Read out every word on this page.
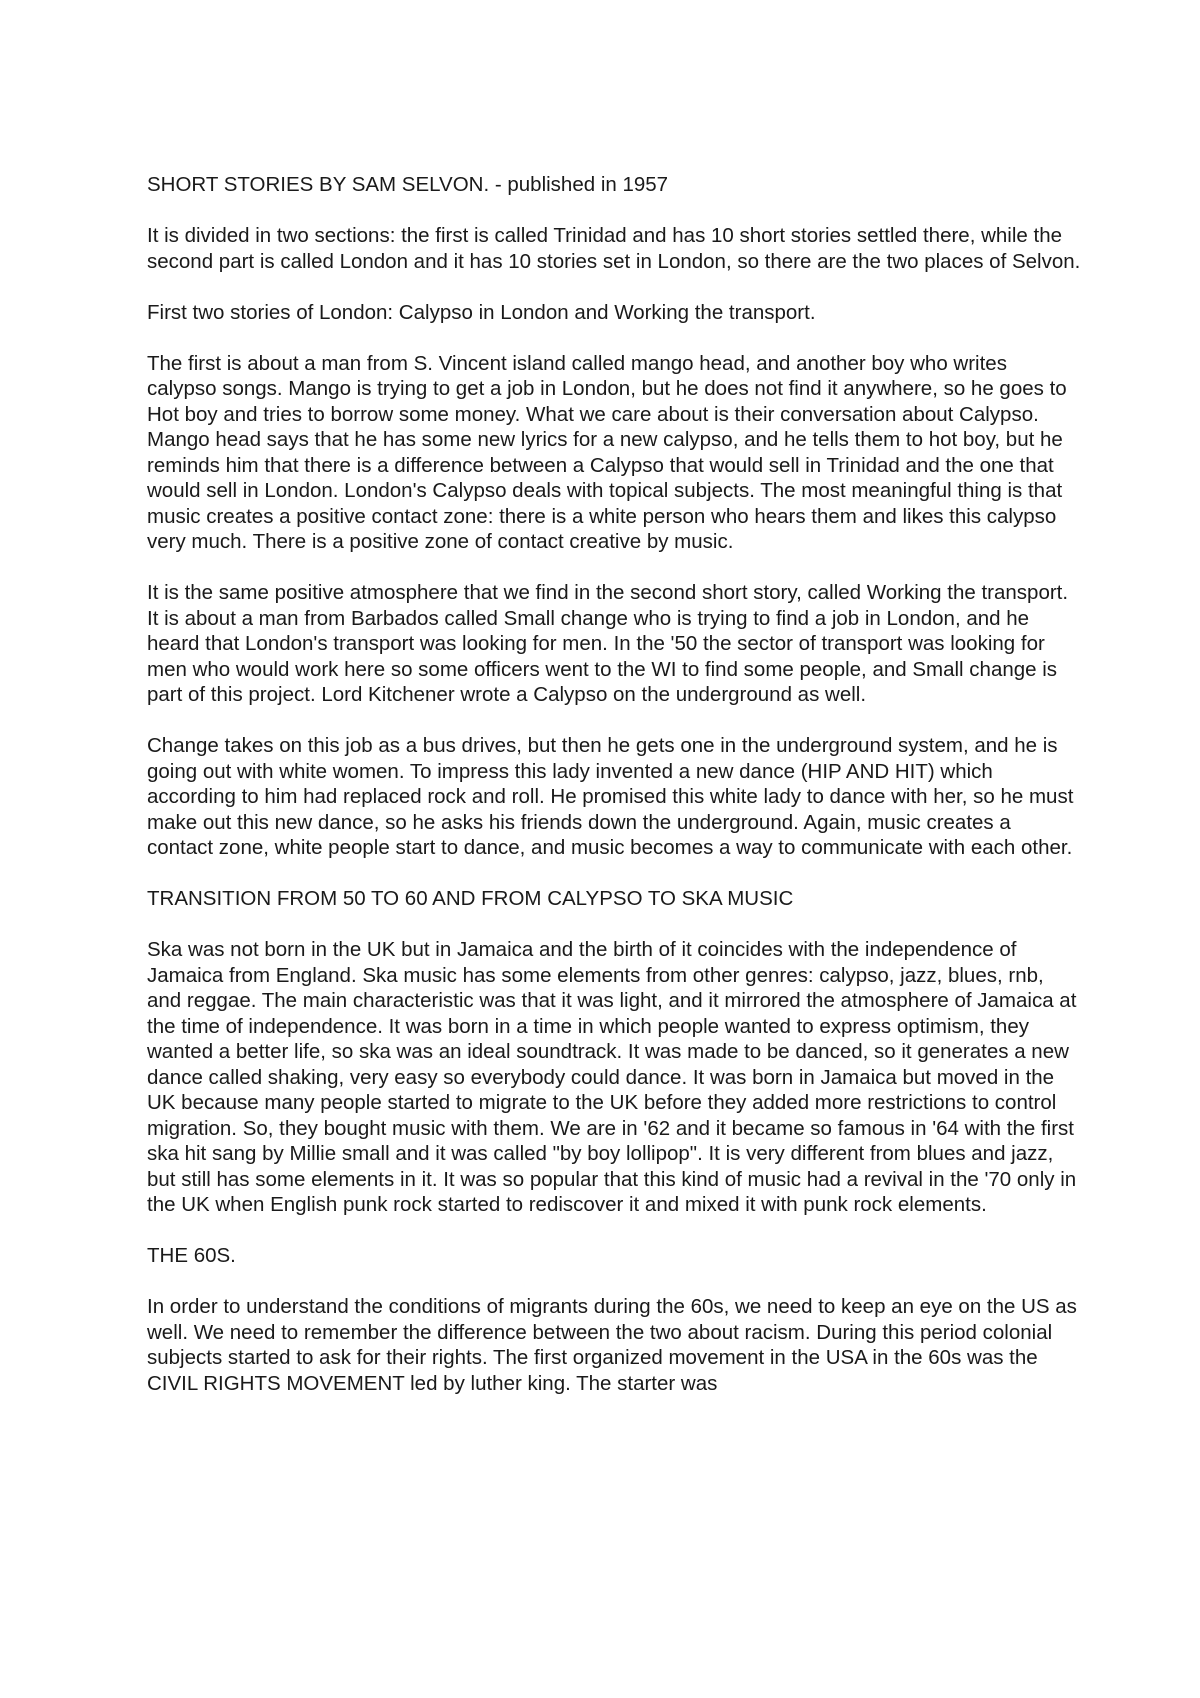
SHORT STORIES BY SAM SELVON. - published in 1957

It is divided in two sections: the first is called Trinidad and has 10 short stories settled there, while the second part is called London and it has 10 stories set in London, so there are the two places of Selvon.

First two stories of London: Calypso in London and Working the transport.

The first is about a man from S. Vincent island called mango head, and another boy who writes calypso songs. Mango is trying to get a job in London, but he does not find it anywhere, so he goes to Hot boy and tries to borrow some money. What we care about is their conversation about Calypso. Mango head says that he has some new lyrics for a new calypso, and he tells them to hot boy, but he reminds him that there is a difference between a Calypso that would sell in Trinidad and the one that would sell in London. London's Calypso deals with topical subjects. The most meaningful thing is that music creates a positive contact zone: there is a white person who hears them and likes this calypso very much. There is a positive zone of contact creative by music.

It is the same positive atmosphere that we find in the second short story, called Working the transport. It is about a man from Barbados called Small change who is trying to find a job in London, and he heard that London's transport was looking for men. In the '50 the sector of transport was looking for men who would work here so some officers went to the WI to find some people, and Small change is part of this project. Lord Kitchener wrote a Calypso on the underground as well.

Change takes on this job as a bus drives, but then he gets one in the underground system, and he is going out with white women. To impress this lady invented a new dance (HIP AND HIT) which according to him had replaced rock and roll. He promised this white lady to dance with her, so he must make out this new dance, so he asks his friends down the underground. Again, music creates a contact zone, white people start to dance, and music becomes a way to communicate with each other.

TRANSITION FROM 50 TO 60 AND FROM CALYPSO TO SKA MUSIC

Ska was not born in the UK but in Jamaica and the birth of it coincides with the independence of Jamaica from England. Ska music has some elements from other genres: calypso, jazz, blues, rnb, and reggae. The main characteristic was that it was light, and it mirrored the atmosphere of Jamaica at the time of independence. It was born in a time in which people wanted to express optimism, they wanted a better life, so ska was an ideal soundtrack. It was made to be danced, so it generates a new dance called shaking, very easy so everybody could dance. It was born in Jamaica but moved in the UK because many people started to migrate to the UK before they added more restrictions to control migration. So, they bought music with them. We are in '62 and it became so famous in '64 with the first ska hit sang by Millie small and it was called "by boy lollipop". It is very different from blues and jazz, but still has some elements in it. It was so popular that this kind of music had a revival in the '70 only in the UK when English punk rock started to rediscover it and mixed it with punk rock elements.

THE 60S.

In order to understand the conditions of migrants during the 60s, we need to keep an eye on the US as well. We need to remember the difference between the two about racism. During this period colonial subjects started to ask for their rights. The first organized movement in the USA in the 60s was the CIVIL RIGHTS MOVEMENT led by luther king. The starter was
